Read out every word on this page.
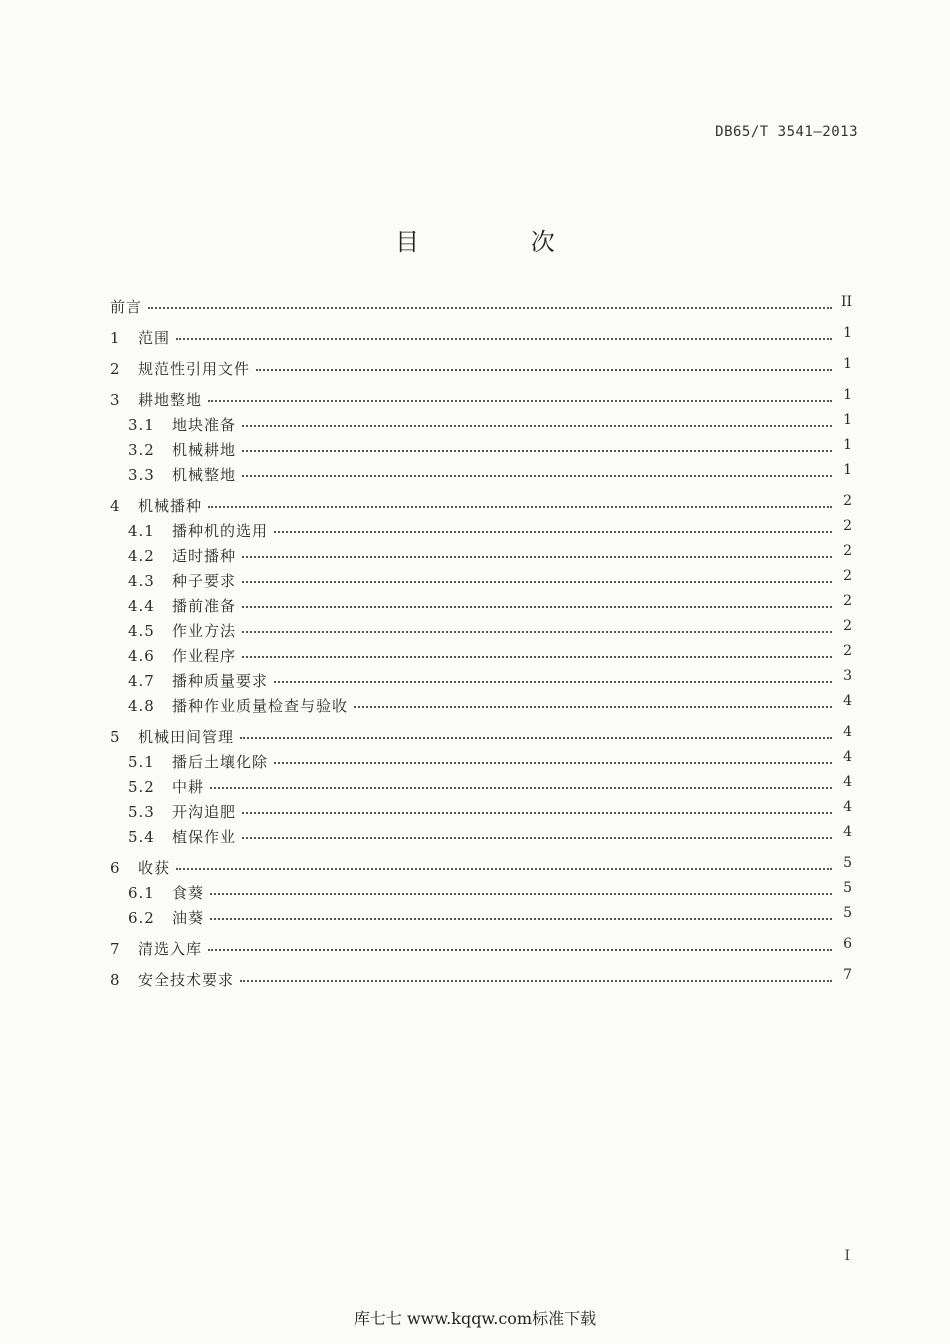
DB65/T 3541—2013
目 次
前言	II
1	范围	1
2	规范性引用文件	1
3	耕地整地	1
3.1	地块准备	1
3.2	机械耕地	1
3.3	机械整地	1
4	机械播种	2
4.1	播种机的选用	2
4.2	适时播种	2
4.3	种子要求	2
4.4	播前准备	2
4.5	作业方法	2
4.6	作业程序	2
4.7	播种质量要求	3
4.8	播种作业质量检查与验收	4
5	机械田间管理	4
5.1	播后土壤化除	4
5.2	中耕	4
5.3	开沟追肥	4
5.4	植保作业	4
6	收获	5
6.1	食葵	5
6.2	油葵	5
7	清选入库	6
8	安全技术要求	7
I
库七七 www.kqqw.com标准下载
